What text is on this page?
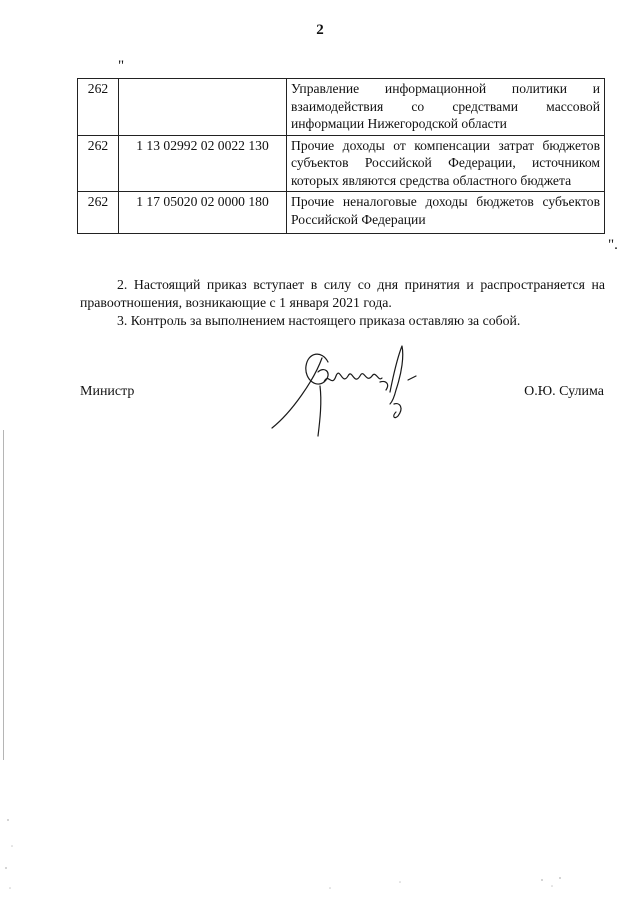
2
"
262		Управление информационной политики и взаимодействия со средствами массовой информации Нижегородской области
262	1 13 02992 02 0022 130	Прочие доходы от компенсации затрат бюджетов субъектов Российской Федерации, источником которых являются средства областного бюджета
262	1 17 05020 02 0000 180	Прочие неналоговые доходы бюджетов субъектов Российской Федерации
".

2. Настоящий приказ вступает в силу со дня принятия и распространяется на правоотношения, возникающие с 1 января 2021 года.

3. Контроль за выполнением настоящего приказа оставляю за собой.

Министр	О.Ю. Сулима
